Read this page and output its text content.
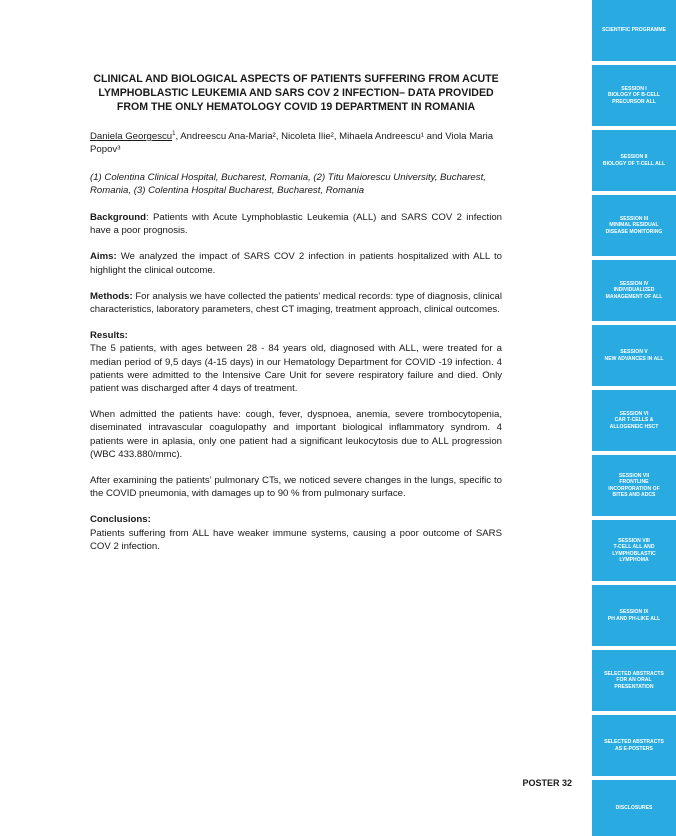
CLINICAL AND BIOLOGICAL ASPECTS OF PATIENTS SUFFERING FROM ACUTE LYMPHOBLASTIC LEUKEMIA AND SARS COV 2 INFECTION– DATA PROVIDED FROM THE ONLY HEMATOLOGY COVID 19 DEPARTMENT IN ROMANIA

Daniela Georgescu$^1$, Andreescu Ana-Maria², Nicoleta Ilie², Mihaela Andreescu¹ and Viola Maria Popov³

(1) Colentina Clinical Hospital, Bucharest, Romania, (2) Titu Maiorescu University, Bucharest, Romania, (3) Colentina Hospital Bucharest, Bucharest, Romania

Background: Patients with Acute Lymphoblastic Leukemia (ALL) and SARS COV 2 infection have a poor prognosis.

Aims: We analyzed the impact of SARS COV 2 infection in patients hospitalized with ALL to highlight the clinical outcome.

Methods: For analysis we have collected the patients’ medical records: type of diagnosis, clinical characteristics, laboratory parameters, chest CT imaging, treatment approach, clinical outcomes.

Results:

The 5 patients, with ages between 28 - 84 years old, diagnosed with ALL, were treated for a median period of 9,5 days (4-15 days) in our Hematology Department for COVID -19 infection. 4 patients were admitted to the Intensive Care Unit for severe respiratory failure and died. Only patient was discharged after 4 days of treatment.

When admitted the patients have: cough, fever, dyspnoea, anemia, severe trombocytopenia, diseminated intravascular coagulopathy and important biological inflammatory syndrom. 4 patients were in aplasia, only one patient had a significant leukocytosis due to ALL progression (WBC 433.880/mmc).

After examining the patients’ pulmonary CTs, we noticed severe changes in the lungs, specific to the COVID pneumonia, with damages up to 90 % from pulmonary surface.

Conclusions:

Patients suffering from ALL have weaker immune systems, causing a poor outcome of SARS COV 2 infection.

POSTER 32
SCIENTIFIC PROGRAMME
SESSION I
BIOLOGY OF B-CELL
PRECURSOR ALL
SESSION II
BIOLOGY OF T-CELL ALL
SESSION III
MINIMAL RESIDUAL
DISEASE MONITORING
SESSION IV
INDIVIDUALIZED
MANAGEMENT OF ALL
SESSION V
NEW ADVANCES IN ALL
SESSION VI
CAR T-CELLS &
ALLOGENEIC HSCT
SESSION VII
FRONTLINE
INCORPORATION OF
BITES AND ADCS
SESSION VIII
T-CELL ALL AND
LYMPHOBLASTIC
LYMPHOMA
SESSION IX
PH AND PH-LIKE ALL
SELECTED ABSTRACTS
FOR AN ORAL
PRESENTATION
SELECTED ABSTRACTS
AS E-POSTERS
DISCLOSURES
